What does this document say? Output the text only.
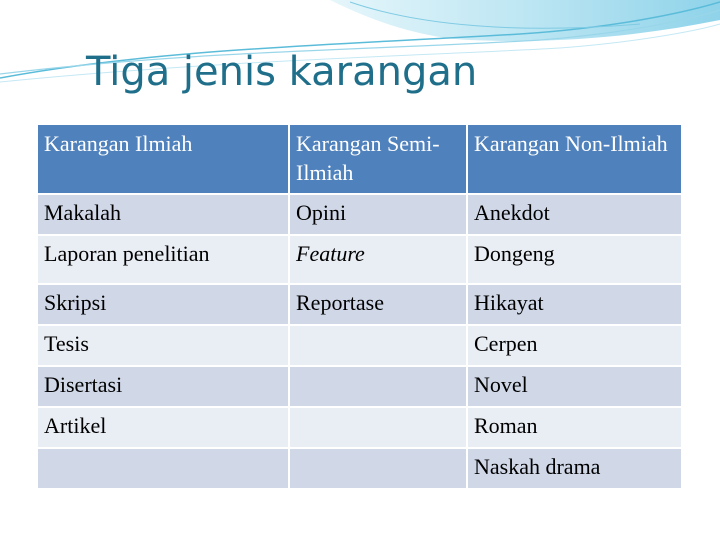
Tiga jenis karangan
Karangan Ilmiah	Karangan Semi-Ilmiah	Karangan Non-Ilmiah
Makalah	Opini	Anekdot
Laporan penelitian	Feature	Dongeng
Skripsi	Reportase	Hikayat
Tesis		Cerpen
Disertasi		Novel
Artikel		Roman
		Naskah drama
